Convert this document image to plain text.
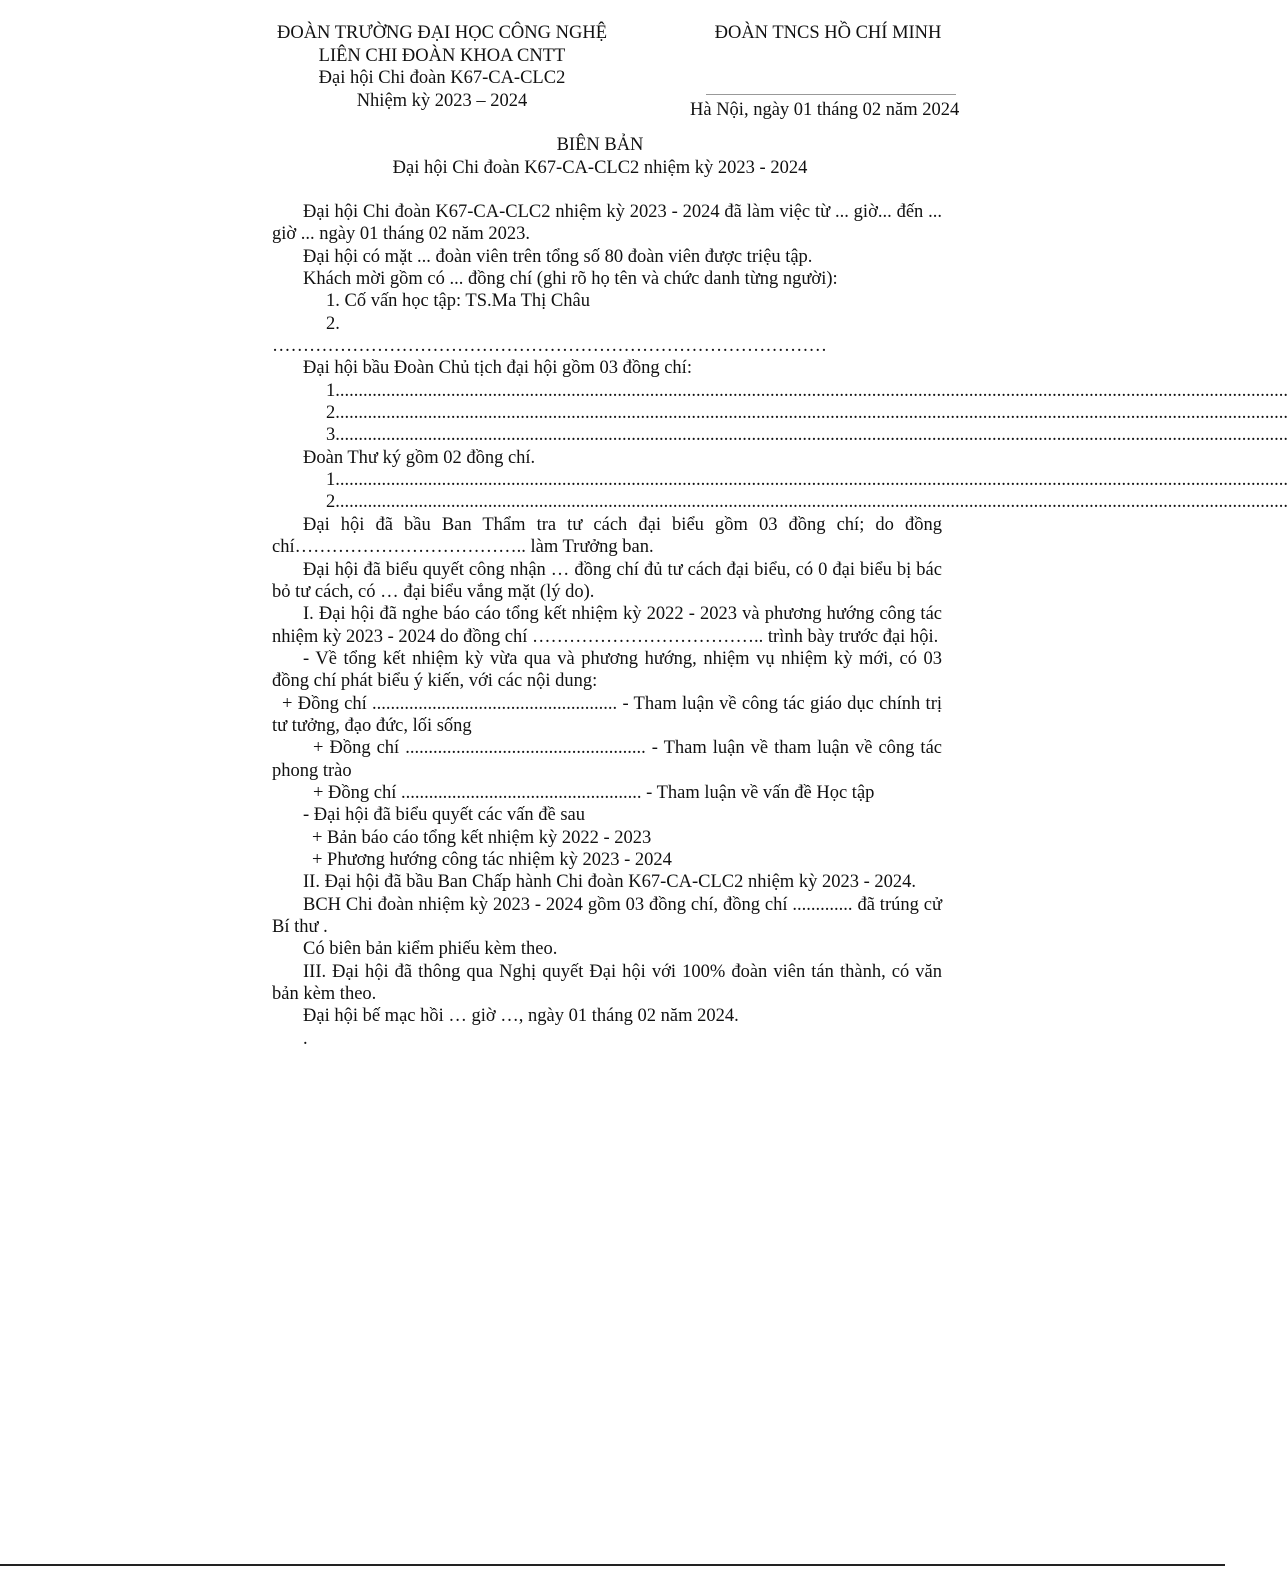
ĐOÀN TRƯỜNG ĐẠI HỌC CÔNG NGHỆ
LIÊN CHI ĐOÀN KHOA CNTT
Đại hội Chi đoàn K67-CA-CLC2
Nhiệm kỳ 2023 – 2024
ĐOÀN TNCS HỒ CHÍ MINH
Hà Nội, ngày 01 tháng 02 năm 2024
BIÊN BẢN
Đại hội Chi đoàn K67-CA-CLC2 nhiệm kỳ 2023 - 2024

Đại hội Chi đoàn K67-CA-CLC2 nhiệm kỳ 2023 - 2024 đã làm việc từ ... giờ... đến ... giờ ... ngày 01 tháng 02 năm 2023.

Đại hội có mặt ... đoàn viên trên tổng số 80 đoàn viên được triệu tập.

Khách mời gồm có ... đồng chí (ghi rõ họ tên và chức danh từng người):

1. Cố vấn học tập: TS.Ma Thị Châu

2.

………………………………………………………………………………

Đại hội bầu Đoàn Chủ tịch đại hội gồm 03 đồng chí:

1. .............................................................................................................................................................................................................
2. .............................................................................................................................................................................................................
3. .............................................................................................................................................................................................................

Đoàn Thư ký gồm 02 đồng chí.

1. .............................................................................................................................................................................................................
2. .............................................................................................................................................................................................................

Đại hội đã bầu Ban Thẩm tra tư cách đại biểu gồm 03 đồng chí; do đồng chí……………………………….. làm Trưởng ban.

Đại hội đã biểu quyết công nhận … đồng chí đủ tư cách đại biểu, có 0 đại biểu bị bác bỏ tư cách, có … đại biểu vắng mặt (lý do).

I. Đại hội đã nghe báo cáo tổng kết nhiệm kỳ 2022 - 2023 và phương hướng công tác nhiệm kỳ 2023 - 2024 do đồng chí ……………………………….. trình bày trước đại hội.

- Về tổng kết nhiệm kỳ vừa qua và phương hướng, nhiệm vụ nhiệm kỳ mới, có 03 đồng chí phát biểu ý kiến, với các nội dung:

+ Đồng chí ..................................................... - Tham luận về công tác giáo dục chính trị tư tưởng, đạo đức, lối sống

+ Đồng chí .................................................... - Tham luận về tham luận về công tác phong trào

+ Đồng chí .................................................... - Tham luận về vấn đề Học tập

- Đại hội đã biểu quyết các vấn đề sau

+ Bản báo cáo tổng kết nhiệm kỳ 2022 - 2023

+ Phương hướng công tác nhiệm kỳ 2023 - 2024

II. Đại hội đã bầu Ban Chấp hành Chi đoàn K67-CA-CLC2 nhiệm kỳ 2023 - 2024.

BCH Chi đoàn nhiệm kỳ 2023 - 2024 gồm 03 đồng chí, đồng chí ............. đã trúng cử Bí thư .

Có biên bản kiểm phiếu kèm theo.

III. Đại hội đã thông qua Nghị quyết Đại hội với 100% đoàn viên tán thành, có văn bản kèm theo.

Đại hội bế mạc hồi … giờ …, ngày 01 tháng 02 năm 2024.

.
